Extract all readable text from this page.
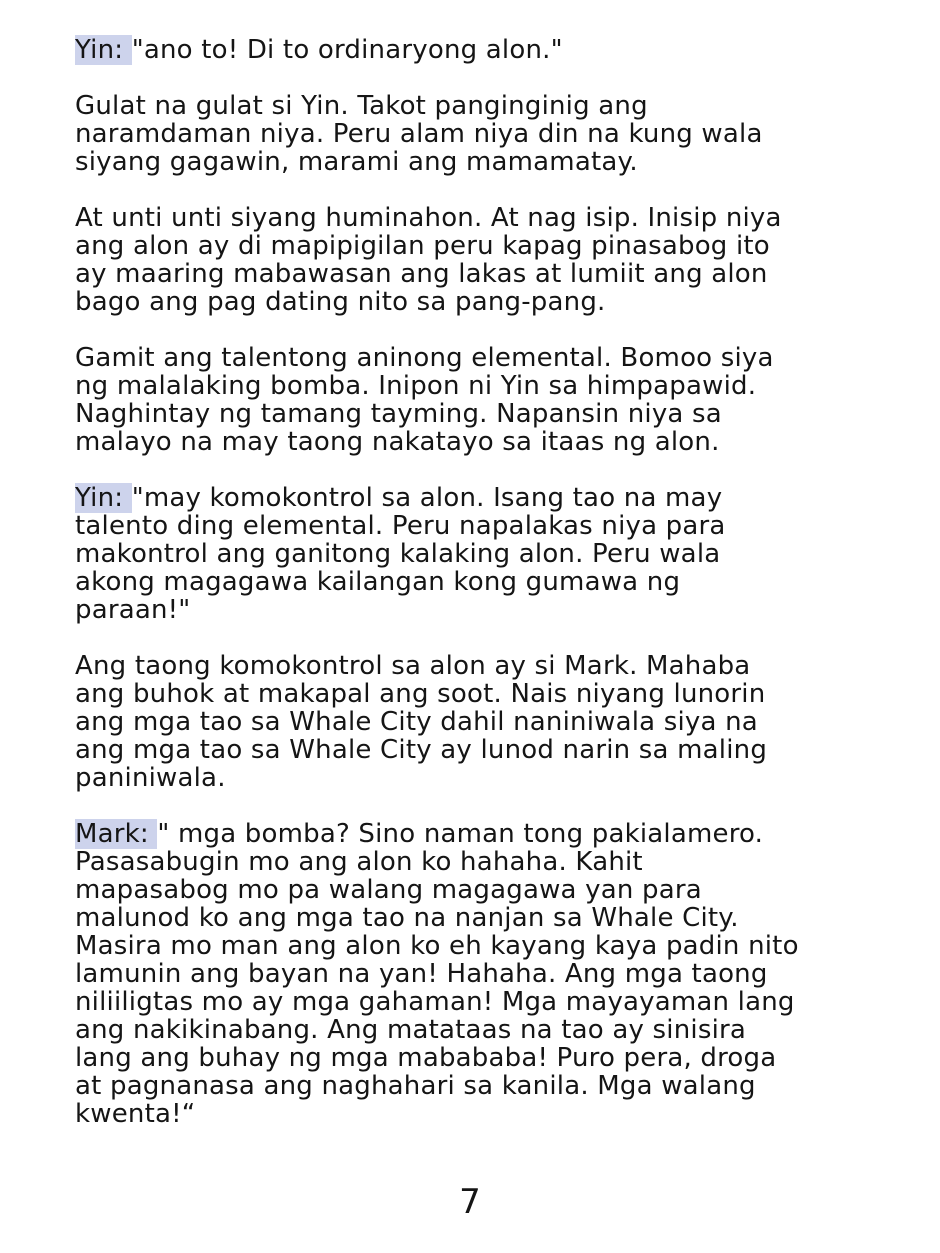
Yin: "ano to! Di to ordinaryong alon."

Gulat na gulat si Yin. Takot panginginig ang
naramdaman niya. Peru alam niya din na kung wala
siyang gagawin, marami ang mamamatay.

At unti unti siyang huminahon. At nag isip. Inisip niya
ang alon ay di mapipigilan peru kapag pinasabog ito
ay maaring mabawasan ang lakas at lumiit ang alon
bago ang pag dating nito sa pang-pang.

Gamit ang talentong aninong elemental. Bomoo siya
ng malalaking bomba. Inipon ni Yin sa himpapawid.
Naghintay ng tamang tayming. Napansin niya sa
malayo na may taong nakatayo sa itaas ng alon.

Yin: "may komokontrol sa alon. Isang tao na may
talento ding elemental. Peru napalakas niya para
makontrol ang ganitong kalaking alon. Peru wala
akong magagawa kailangan kong gumawa ng
paraan!"

Ang taong komokontrol sa alon ay si Mark. Mahaba
ang buhok at makapal ang soot. Nais niyang lunorin
ang mga tao sa Whale City dahil naniniwala siya na
ang mga tao sa Whale City ay lunod narin sa maling
paniniwala.

Mark: " mga bomba? Sino naman tong pakialamero.
Pasasabugin mo ang alon ko hahaha. Kahit
mapasabog mo pa walang magagawa yan para
malunod ko ang mga tao na nanjan sa Whale City.
Masira mo man ang alon ko eh kayang kaya padin nito
lamunin ang bayan na yan! Hahaha. Ang mga taong
niliiligtas mo ay mga gahaman! Mga mayayaman lang
ang nakikinabang. Ang matataas na tao ay sinisira
lang ang buhay ng mga mabababa! Puro pera, droga
at pagnanasa ang naghahari sa kanila. Mga walang
kwenta!“

7
